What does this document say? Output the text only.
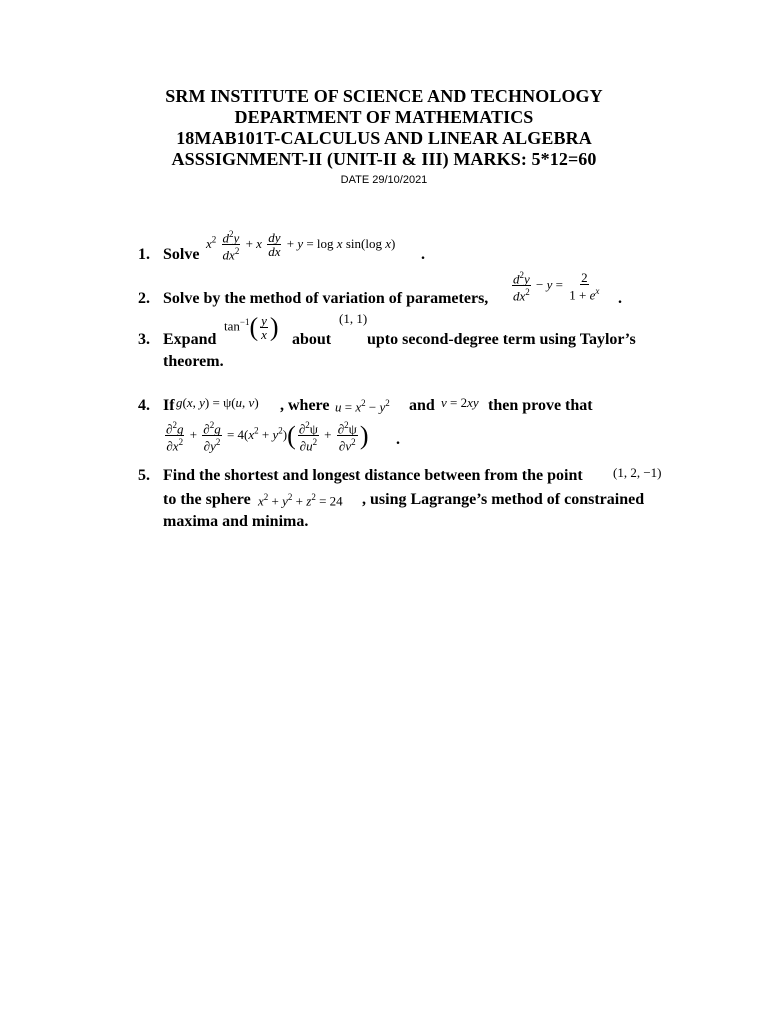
SRM INSTITUTE OF SCIENCE AND TECHNOLOGY
DEPARTMENT OF MATHEMATICS
18MAB101T-CALCULUS AND LINEAR ALGEBRA
ASSSIGNMENT-II (UNIT-II & III) MARKS: 5*12=60
DATE 29/10/2021
1. Solve
$x^2 \frac{d^2y}{dx^2} + x \frac{dy}{dx} + y = \log x$ sin(log x)
.
2. Solve by the method of variation of parameters, $\frac{d^2y}{dx^2} - y = \frac{2}{1 + e^x}$ .
3. Expand
$\tan^{-1}( \frac{y}{x}$ ) about
(1, 1)
upto second-degree term using Taylor’s
theorem.
4. If g(x, y) = ψ(u, v) , where $u = x^2 - y^2$ and v = 2xy then prove that
$\frac{\partial^2g}{\partial x^2} + \frac{\partial^2g}{\partial y^2} = 4(x^2 + y^2)( \frac{\partial^2\psi}{\partial u^2} + \frac{\partial^2\psi}{\partial v^2}$ ) .
5. Find the shortest and longest distance between from the point (1, 2, −1)
to the sphere $x^2 + y^2 + z^2 = 24$ , using Lagrange’s method of constrained
maxima and minima.
